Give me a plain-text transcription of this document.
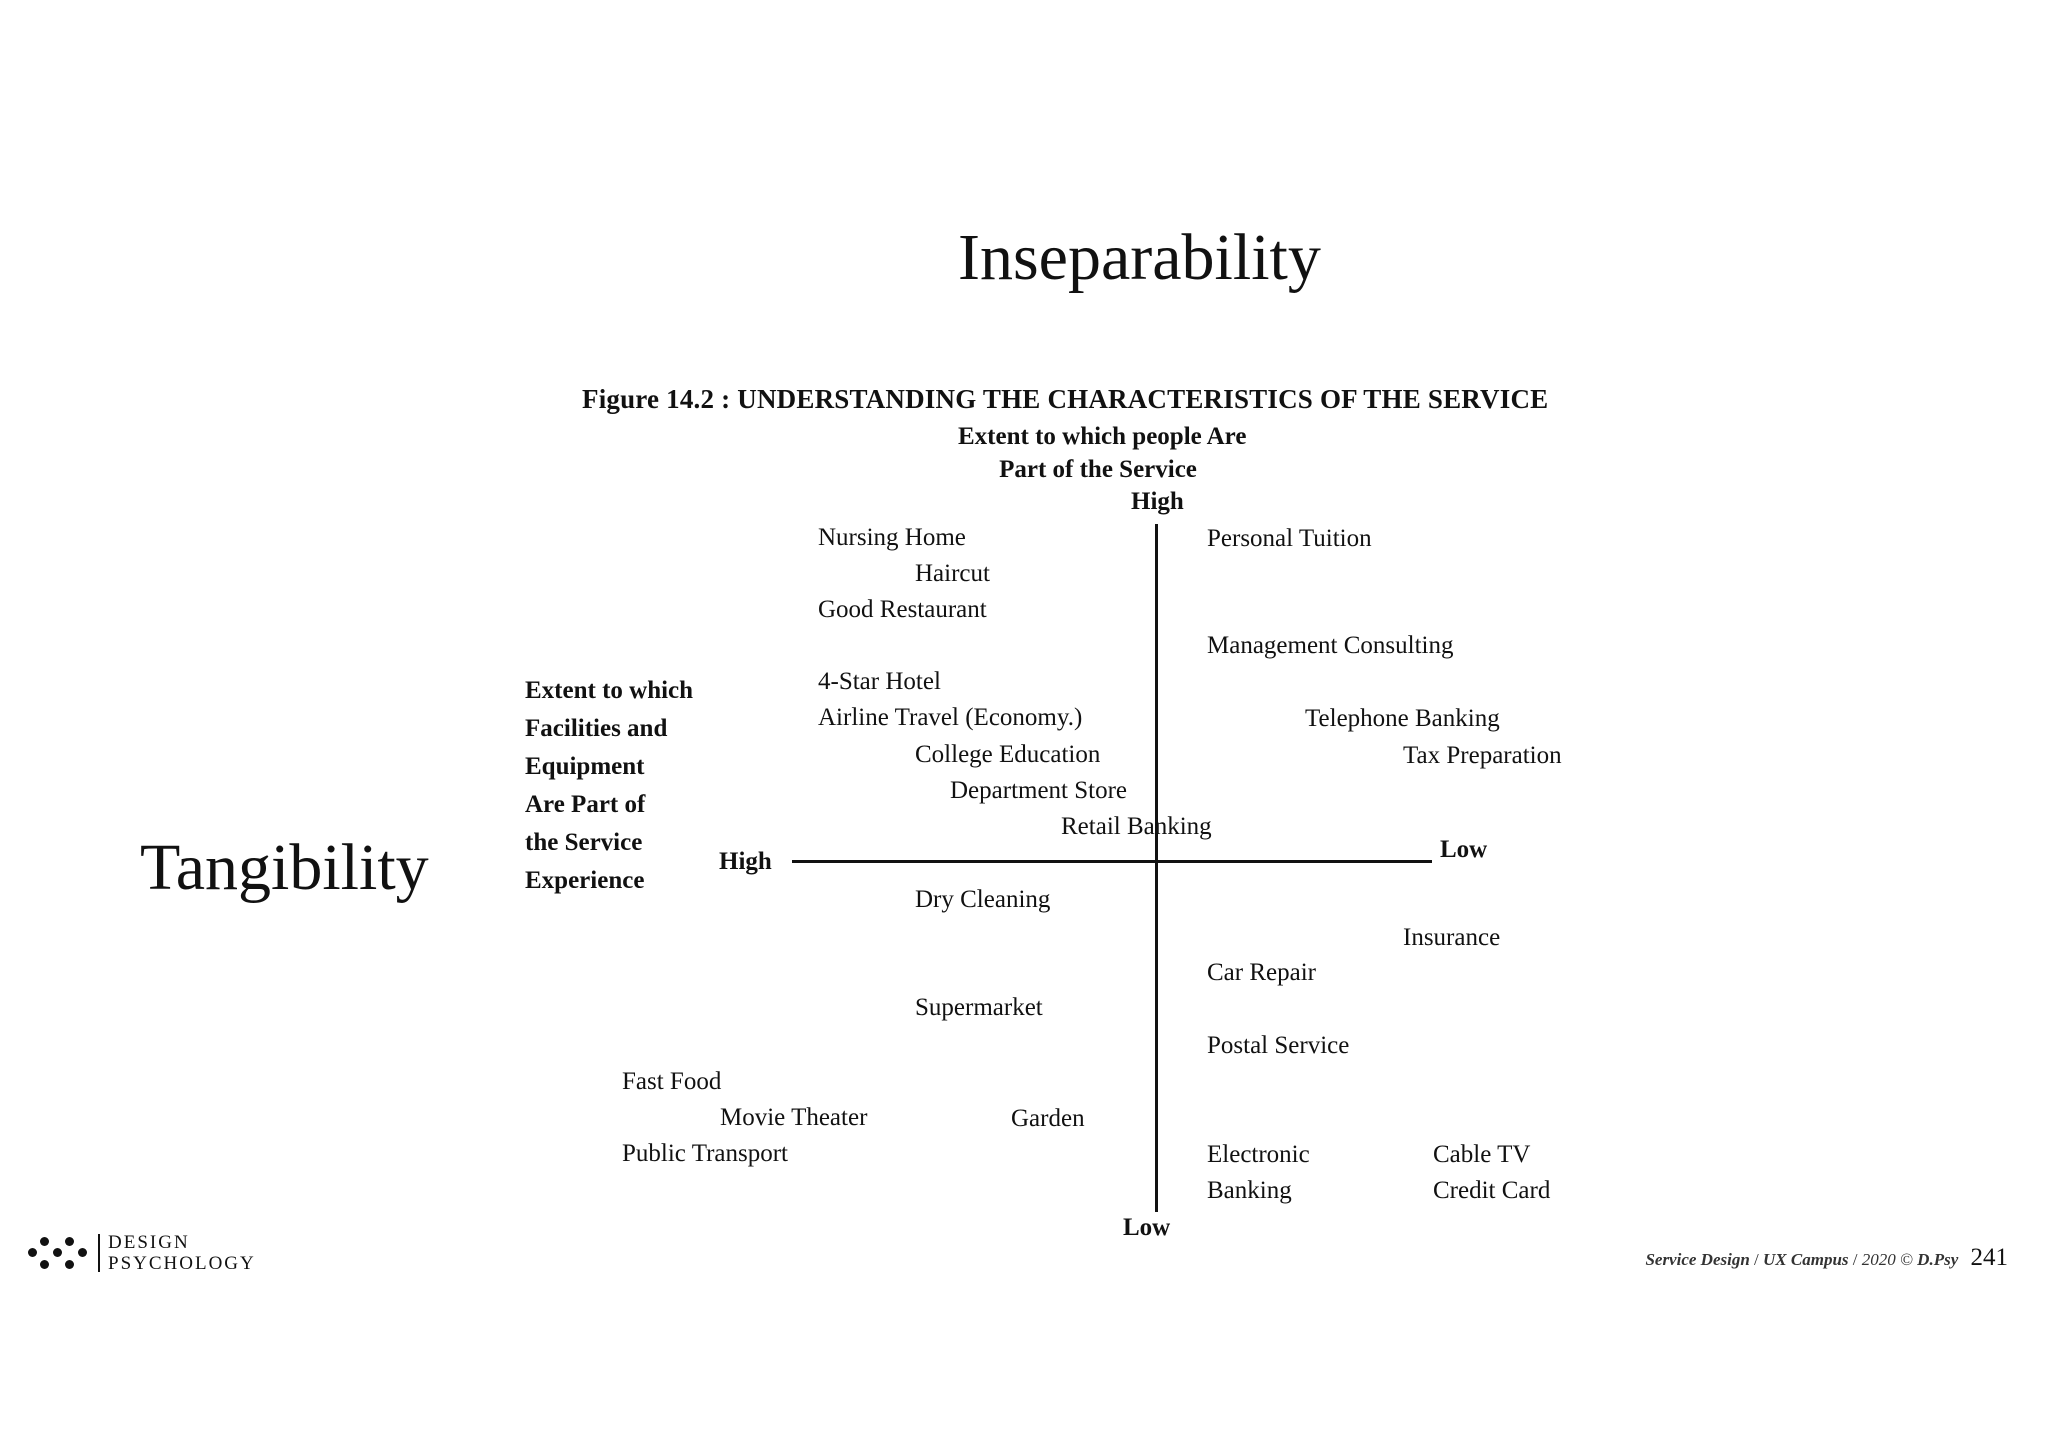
Inseparability
Tangibility
Figure 14.2 : UNDERSTANDING THE CHARACTERISTICS OF THE SERVICE
Extent to which people Are
Part of the Service
High
Low
Extent to which
Facilities and
Equipment
Are Part of
the Service
Experience
High	Low
Nursing Home
Haircut
Good Restaurant
4-Star Hotel
Airline Travel (Economy.)
College Education
Department Store
Retail Banking
Personal Tuition
Management Consulting
Telephone Banking
Tax Preparation
Dry Cleaning
Supermarket
Fast Food
Movie Theater	Garden
Public Transport
Insurance
Car Repair
Postal Service
Electronic
Banking
Cable TV
Credit Card
DESIGN
PSYCHOLOGY	Service Design / UX Campus / 2020 © D.Psy 241
